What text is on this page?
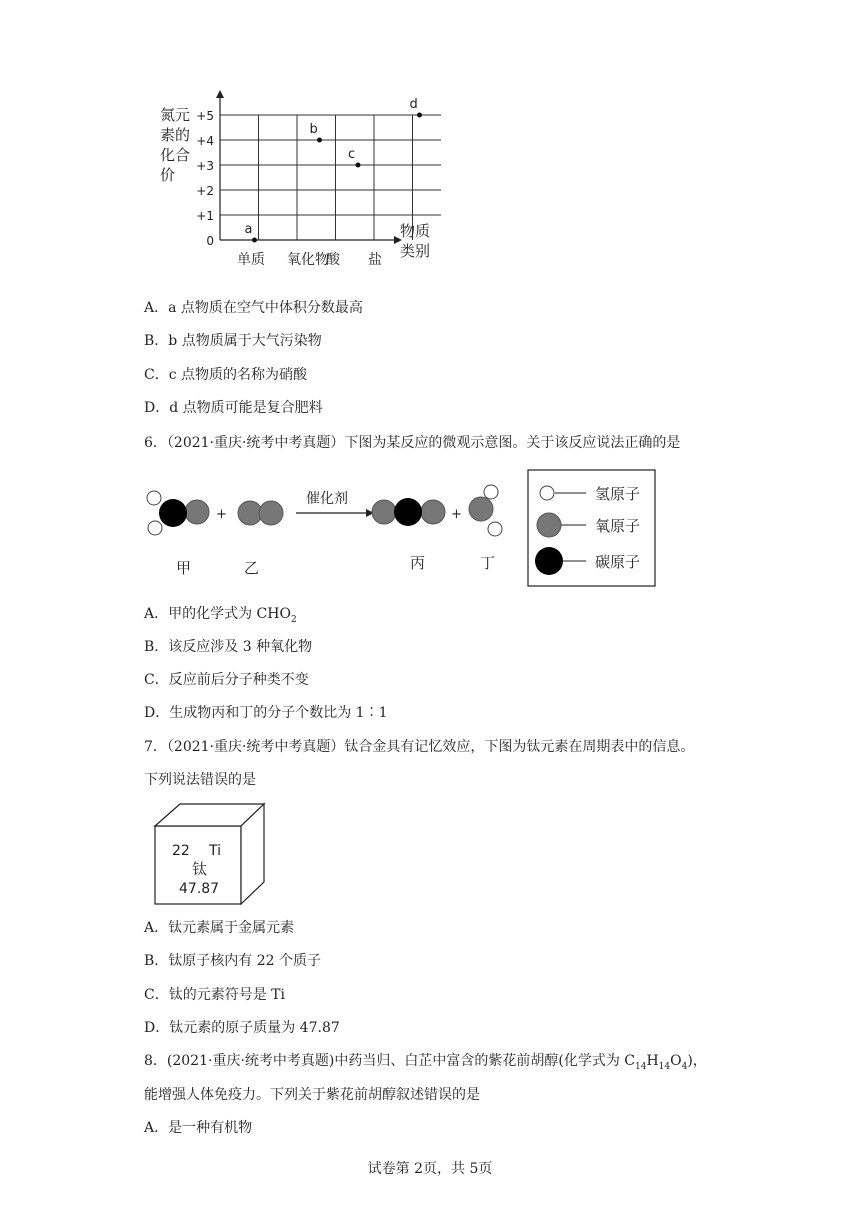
0
+1
+2
+3
+4
+5
单质 氧化物
酸 盐
a
b
c
d
氮元
素的
化合
价
物质
类别
A．a 点物质在空气中体积分数最高
B．b 点物质属于大气污染物
C．c 点物质的名称为硝酸
D．d 点物质可能是复合肥料
6．（2021·重庆·统考中考真题）下图为某反应的微观示意图。关于该反应说法正确的是
+
催化剂
+
甲	乙	丙	丁
氢原子
氧原子
碳原子
A．甲的化学式为 $CHO_2$
B．该反应涉及 3 种氧化物
C．反应前后分子种类不变
D．生成物丙和丁的分子个数比为 1∶1
7．（2021·重庆·统考中考真题）钛合金具有记忆效应，下图为钛元素在周期表中的信息。
下列说法错误的是
22 Ti
钛
47.87
A．钛元素属于金属元素
B．钛原子核内有 22 个质子
C．钛的元素符号是 Ti
D．钛元素的原子质量为 47.87
8．(2021·重庆·统考中考真题)中药当归、白芷中富含的紫花前胡醇(化学式为 $C_{14}H_{14}O_4$)，
能增强人体免疫力。下列关于紫花前胡醇叙述错误的是
A．是一种有机物
试卷第 2页，共 5页
